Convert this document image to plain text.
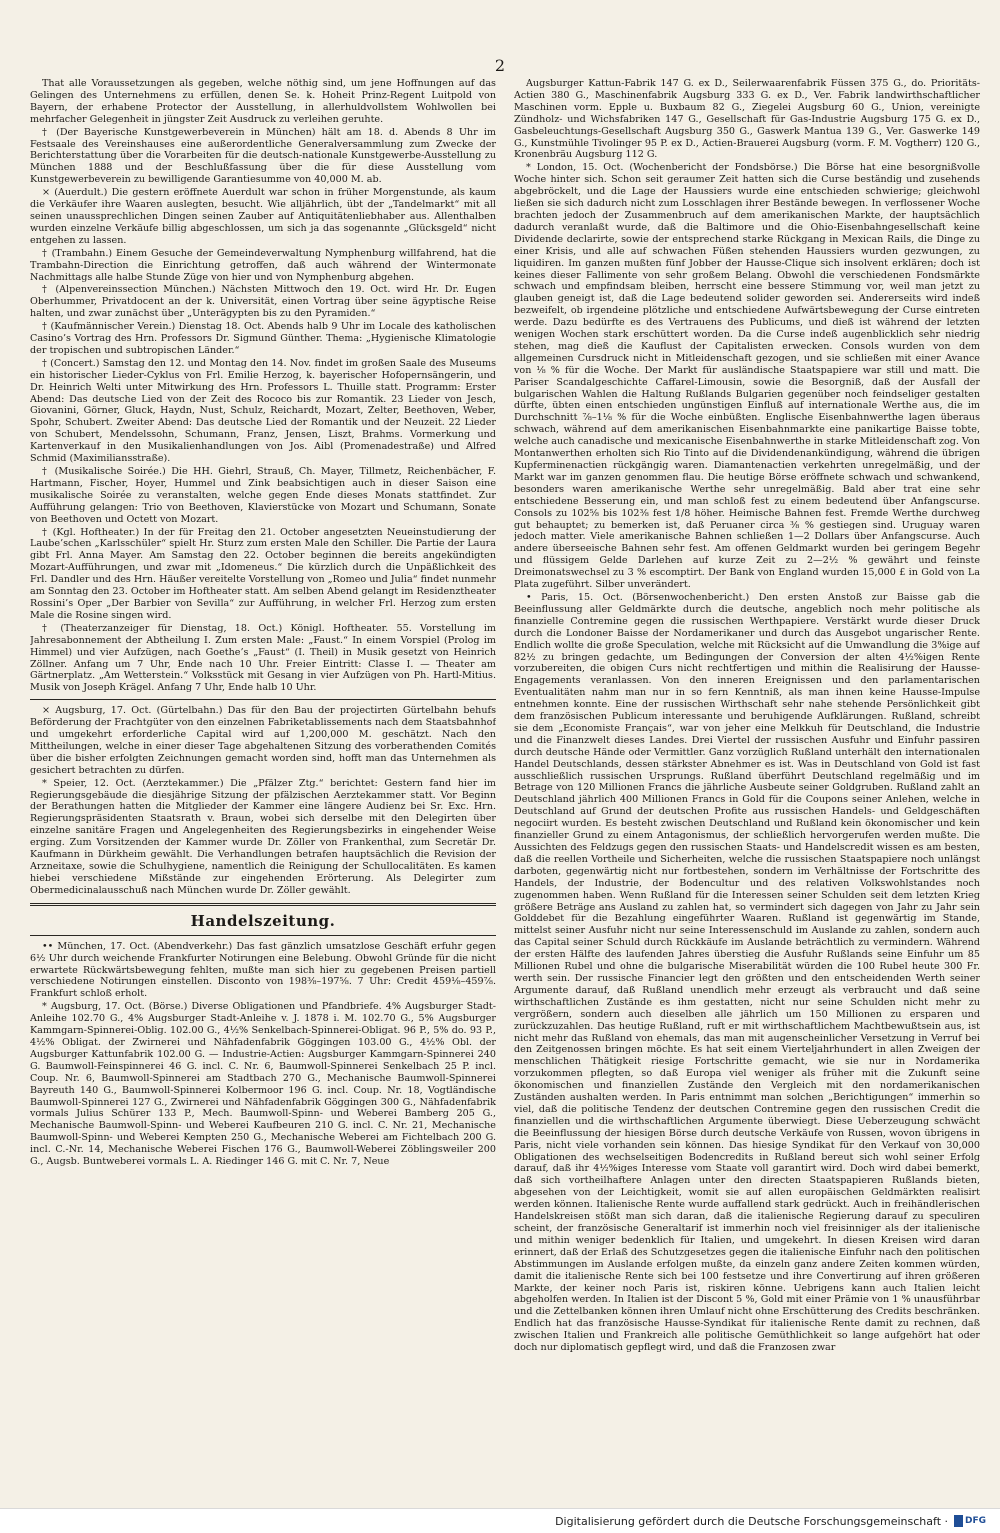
2

That alle Voraussetzungen als gegeben, welche nöthig sind, um jene Hoffnungen auf das Gelingen des Unternehmens zu erfüllen, denen Se. k. Hoheit Prinz-Regent Luitpold von Bayern, der erhabene Protector der Ausstellung, in allerhuldvollstem Wohlwollen bei mehrfacher Gelegenheit in jüngster Zeit Ausdruck zu verleihen geruhte.

† (Der Bayerische Kunstgewerbeverein in München) hält am 18. d. Abends 8 Uhr im Festsaale des Vereinshauses eine außerordentliche Generalversammlung zum Zwecke der Berichterstattung über die Vorarbeiten für die deutsch-nationale Kunstgewerbe-Ausstellung zu München 1888 und der Beschlußfassung über die für diese Ausstellung vom Kunstgewerbeverein zu bewilligende Garantiesumme von 40,000 M. ab.

⨯ (Auerdult.) Die gestern eröffnete Auerdult war schon in früher Morgenstunde, als kaum die Verkäufer ihre Waaren auslegten, besucht. Wie alljährlich, übt der „Tandelmarkt“ mit all seinen unaussprechlichen Dingen seinen Zauber auf Antiquitätenliebhaber aus. Allenthalben wurden einzelne Verkäufe billig abgeschlossen, um sich ja das sogenannte „Glücksgeld“ nicht entgehen zu lassen.

† (Trambahn.) Einem Gesuche der Gemeindeverwaltung Nymphenburg willfahrend, hat die Trambahn-Direction die Einrichtung getroffen, daß auch während der Wintermonate Nachmittags alle halbe Stunde Züge von hier und von Nymphenburg abgehen.

† (Alpenvereinssection München.) Nächsten Mittwoch den 19. Oct. wird Hr. Dr. Eugen Oberhummer, Privatdocent an der k. Universität, einen Vortrag über seine ägyptische Reise halten, und zwar zunächst über „Unterägypten bis zu den Pyramiden.“

† (Kaufmännischer Verein.) Dienstag 18. Oct. Abends halb 9 Uhr im Locale des katholischen Casino’s Vortrag des Hrn. Professors Dr. Sigmund Günther. Thema: „Hygienische Klimatologie der tropischen und subtropischen Länder.“

† (Concert.) Samstag den 12. und Montag den 14. Nov. findet im großen Saale des Museums ein historischer Lieder-Cyklus von Frl. Emilie Herzog, k. bayerischer Hofopernsängerin, und Dr. Heinrich Welti unter Mitwirkung des Hrn. Professors L. Thuille statt. Programm: Erster Abend: Das deutsche Lied von der Zeit des Rococo bis zur Romantik. 23 Lieder von Jesch, Giovanini, Görner, Gluck, Haydn, Nust, Schulz, Reichardt, Mozart, Zelter, Beethoven, Weber, Spohr, Schubert. Zweiter Abend: Das deutsche Lied der Romantik und der Neuzeit. 22 Lieder von Schubert, Mendelssohn, Schumann, Franz, Jensen, Liszt, Brahms. Vormerkung und Kartenverkauf in den Musikalienhandlungen von Jos. Aibl (Promenadestraße) und Alfred Schmid (Maximiliansstraße).

† (Musikalische Soirée.) Die HH. Giehrl, Strauß, Ch. Mayer, Tillmetz, Reichenbächer, F. Hartmann, Fischer, Hoyer, Hummel und Zink beabsichtigen auch in dieser Saison eine musikalische Soirée zu veranstalten, welche gegen Ende dieses Monats stattfindet. Zur Aufführung gelangen: Trio von Beethoven, Klavierstücke von Mozart und Schumann, Sonate von Beethoven und Octett von Mozart.

† (Kgl. Hoftheater.) In der für Freitag den 21. October angesetzten Neueinstudierung der Laube’schen „Karlsschüler“ spielt Hr. Sturz zum ersten Male den Schiller. Die Partie der Laura gibt Frl. Anna Mayer. Am Samstag den 22. October beginnen die bereits angekündigten Mozart-Aufführungen, und zwar mit „Idomeneus.“ Die kürzlich durch die Unpäßlichkeit des Frl. Dandler und des Hrn. Häußer vereitelte Vorstellung von „Romeo und Julia“ findet nunmehr am Sonntag den 23. October im Hoftheater statt. Am selben Abend gelangt im Residenztheater Rossini’s Oper „Der Barbier von Sevilla“ zur Aufführung, in welcher Frl. Herzog zum ersten Male die Rosine singen wird.

† (Theaterzanzeiger für Dienstag, 18. Oct.) Königl. Hoftheater. 55. Vorstellung im Jahresabonnement der Abtheilung I. Zum ersten Male: „Faust.“ In einem Vorspiel (Prolog im Himmel) und vier Aufzügen, nach Goethe’s „Faust“ (I. Theil) in Musik gesetzt von Heinrich Zöllner. Anfang um 7 Uhr, Ende nach 10 Uhr. Freier Eintritt: Classe I. — Theater am Gärtnerplatz. „Am Wetterstein.“ Volksstück mit Gesang in vier Aufzügen von Ph. Hartl-Mitius. Musik von Joseph Krägel. Anfang 7 Uhr, Ende halb 10 Uhr.

⨯ Augsburg, 17. Oct. (Gürtelbahn.) Das für den Bau der projectirten Gürtelbahn behufs Beförderung der Frachtgüter von den einzelnen Fabriketablissements nach dem Staatsbahnhof und umgekehrt erforderliche Capital wird auf 1,200,000 M. geschätzt. Nach den Mittheilungen, welche in einer dieser Tage abgehaltenen Sitzung des vorberathenden Comités über die bisher erfolgten Zeichnungen gemacht worden sind, hofft man das Unternehmen als gesichert betrachten zu dürfen.

* Speier, 12. Oct. (Aerztekammer.) Die „Pfälzer Ztg.“ berichtet: Gestern fand hier im Regierungsgebäude die diesjährige Sitzung der pfälzischen Aerztekammer statt. Vor Beginn der Berathungen hatten die Mitglieder der Kammer eine längere Audienz bei Sr. Exc. Hrn. Regierungspräsidenten Staatsrath v. Braun, wobei sich derselbe mit den Delegirten über einzelne sanitäre Fragen und Angelegenheiten des Regierungsbezirks in eingehender Weise erging. Zum Vorsitzenden der Kammer wurde Dr. Zöller von Frankenthal, zum Secretär Dr. Kaufmann in Dürkheim gewählt. Die Verhandlungen betrafen hauptsächlich die Revision der Arzneitaxe, sowie die Schulhygiene, namentlich die Reinigung der Schullocalitäten. Es kamen hiebei verschiedene Mißstände zur eingehenden Erörterung. Als Delegirter zum Obermedicinalausschuß nach München wurde Dr. Zöller gewählt.

Handelszeitung.

•• München, 17. Oct. (Abendverkehr.) Das fast gänzlich umsatzlose Geschäft erfuhr gegen 6½ Uhr durch weichende Frankfurter Notirungen eine Belebung. Obwohl Gründe für die nicht erwartete Rückwärtsbewegung fehlten, mußte man sich hier zu gegebenen Preisen partiell verschiedene Notirungen einstellen. Disconto von 198⅜–197⅝. 7 Uhr: Credit 459⅛–459⅞. Frankfurt schloß erholt.

* Augsburg, 17. Oct. (Börse.) Diverse Obligationen und Pfandbriefe. 4% Augsburger Stadt-Anleihe 102.70 G., 4% Augsburger Stadt-Anleihe v. J. 1878 i. M. 102.70 G., 5% Augsburger Kammgarn-Spinnerei-Oblig. 102.00 G., 4½% Senkelbach-Spinnerei-Obligat. 96 P., 5% do. 93 P., 4½% Obligat. der Zwirnerei und Nähfadenfabrik Göggingen 103.00 G., 4½% Obl. der Augsburger Kattunfabrik 102.00 G. — Industrie-Actien: Augsburger Kammgarn-Spinnerei 240 G. Baumwoll-Feinspinnerei 46 G. incl. C. Nr. 6, Baumwoll-Spinnerei Senkelbach 25 P. incl. Coup. Nr. 6, Baumwoll-Spinnerei am Stadtbach 270 G., Mechanische Baumwoll-Spinnerei Bayreuth 140 G., Baumwoll-Spinnerei Kolbermoor 196 G. incl. Coup. Nr. 18, Vogtländische Baumwoll-Spinnerei 127 G., Zwirnerei und Nähfadenfabrik Göggingen 300 G., Nähfadenfabrik vormals Julius Schürer 133 P., Mech. Baumwoll-Spinn- und Weberei Bamberg 205 G., Mechanische Baumwoll-Spinn- und Weberei Kaufbeuren 210 G. incl. C. Nr. 21, Mechanische Baumwoll-Spinn- und Weberei Kempten 250 G., Mechanische Weberei am Fichtelbach 200 G. incl. C.-Nr. 14, Mechanische Weberei Fischen 176 G., Baumwoll-Weberei Zöblingsweiler 200 G., Augsb. Buntweberei vormals L. A. Riedinger 146 G. mit C. Nr. 7, Neue

Augsburger Kattun-Fabrik 147 G. ex D., Seilerwaarenfabrik Füssen 375 G., do. Prioritäts-Actien 380 G., Maschinenfabrik Augsburg 333 G. ex D., Ver. Fabrik landwirthschaftlicher Maschinen vorm. Epple u. Buxbaum 82 G., Ziegelei Augsburg 60 G., Union, vereinigte Zündholz- und Wichsfabriken 147 G., Gesellschaft für Gas-Industrie Augsburg 175 G. ex D., Gasbeleuchtungs-Gesellschaft Augsburg 350 G., Gaswerk Mantua 139 G., Ver. Gaswerke 149 G., Kunstmühle Tivolinger 95 P. ex D., Actien-Brauerei Augsburg (vorm. F. M. Vogtherr) 120 G., Kronenbräu Augsburg 112 G.

* London, 15. Oct. (Wochenbericht der Fondsbörse.) Die Börse hat eine besorgnißvolle Woche hinter sich. Schon seit geraumer Zeit hatten sich die Curse beständig und zusehends abgebröckelt, und die Lage der Haussiers wurde eine entschieden schwierige; gleichwohl ließen sie sich dadurch nicht zum Losschlagen ihrer Bestände bewegen. In verflossener Woche brachten jedoch der Zusammenbruch auf dem amerikanischen Markte, der hauptsächlich dadurch veranlaßt wurde, daß die Baltimore und die Ohio-Eisenbahngesellschaft keine Dividende declarirte, sowie der entsprechend starke Rückgang in Mexican Rails, die Dinge zu einer Krisis, und alle auf schwachen Füßen stehenden Haussiers wurden gezwungen, zu liquidiren. Im ganzen mußten fünf Jobber der Hausse-Clique sich insolvent erklären; doch ist keines dieser Fallimente von sehr großem Belang. Obwohl die verschiedenen Fondsmärkte schwach und empfindsam bleiben, herrscht eine bessere Stimmung vor, weil man jetzt zu glauben geneigt ist, daß die Lage bedeutend solider geworden sei. Andererseits wird indeß bezweifelt, ob irgendeine plötzliche und entschiedene Aufwärtsbewegung der Curse eintreten werde. Dazu bedürfte es des Vertrauens des Publicums, und dieß ist während der letzten wenigen Wochen stark erschüttert worden. Da die Curse indeß augenblicklich sehr niedrig stehen, mag dieß die Kauflust der Capitalisten erwecken. Consols wurden von dem allgemeinen Cursdruck nicht in Mitleidenschaft gezogen, und sie schließen mit einer Avance von ⅛ % für die Woche. Der Markt für ausländische Staatspapiere war still und matt. Die Pariser Scandalgeschichte Caffarel-Limousin, sowie die Besorgniß, daß der Ausfall der bulgarischen Wahlen die Haltung Rußlands Bulgarien gegenüber noch feindseliger gestalten dürfte, übten einen entschieden ungünstigen Einfluß auf internationale Werthe aus, die im Durchschnitt ⅞–1⅛ % für die Woche einbüßten. Englische Eisenbahnwerthe lagen überaus schwach, während auf dem amerikanischen Eisenbahnmarkte eine panikartige Baisse tobte, welche auch canadische und mexicanische Eisenbahnwerthe in starke Mitleidenschaft zog. Von Montanwerthen erholten sich Rio Tinto auf die Dividendenankündigung, während die übrigen Kupferminenactien rückgängig waren. Diamantenactien verkehrten unregelmäßig, und der Markt war im ganzen genommen flau. Die heutige Börse eröffnete schwach und schwankend, besonders waren amerikanische Werthe sehr unregelmäßig. Bald aber trat eine sehr entschiedene Besserung ein, und man schloß fest zu einem bedeutend über Anfangscurse. Consols zu 102⅝ bis 102⅜ fest 1/8 höher. Heimische Bahnen fest. Fremde Werthe durchweg gut behauptet; zu bemerken ist, daß Peruaner circa ⅜ % gestiegen sind. Uruguay waren jedoch matter. Viele amerikanische Bahnen schließen 1—2 Dollars über Anfangscurse. Auch andere überseeische Bahnen sehr fest. Am offenen Geldmarkt wurden bei geringem Begehr und flüssigem Gelde Darlehen auf kurze Zeit zu 2—2½ % gewährt und feinste Dreimonatswechsel zu 3 % escomptirt. Der Bank von England wurden 15,000 £ in Gold von La Plata zugeführt. Silber unverändert.

• Paris, 15. Oct. (Börsenwochenbericht.) Den ersten Anstoß zur Baisse gab die Beeinflussung aller Geldmärkte durch die deutsche, angeblich noch mehr politische als finanzielle Contremine gegen die russischen Werthpapiere. Verstärkt wurde dieser Druck durch die Londoner Baisse der Nordamerikaner und durch das Ausgebot ungarischer Rente. Endlich wollte die große Speculation, welche mit Rücksicht auf die Umwandlung die 3%ige auf 82½ zu bringen gedachte, um Bedingungen der Conversion der alten 4½%igen Rente vorzubereiten, die obigen Curs nicht rechtfertigen und mithin die Realisirung der Hausse-Engagements veranlassen. Von den inneren Ereignissen und den parlamentarischen Eventualitäten nahm man nur in so fern Kenntniß, als man ihnen keine Hausse-Impulse entnehmen konnte. Eine der russischen Wirthschaft sehr nahe stehende Persönlichkeit gibt dem französischen Publicum interessante und beruhigende Aufklärungen. Rußland, schreibt sie dem „Economiste Français“, war von jeher eine Melkkuh für Deutschland, die Industrie und die Finanzwelt dieses Landes. Drei Viertel der russischen Ausfuhr und Einfuhr passiren durch deutsche Hände oder Vermittler. Ganz vorzüglich Rußland unterhält den internationalen Handel Deutschlands, dessen stärkster Abnehmer es ist. Was in Deutschland von Gold ist fast ausschließlich russischen Ursprungs. Rußland überführt Deutschland regelmäßig und im Betrage von 120 Millionen Francs die jährliche Ausbeute seiner Goldgruben. Rußland zahlt an Deutschland jährlich 400 Millionen Francs in Gold für die Coupons seiner Anlehen, welche in Deutschland auf Grund der deutschen Profite aus russischen Handels- und Geldgeschäften negociirt wurden. Es besteht zwischen Deutschland und Rußland kein ökonomischer und kein finanzieller Grund zu einem Antagonismus, der schließlich hervorgerufen werden mußte. Die Aussichten des Feldzugs gegen den russischen Staats- und Handelscredit wissen es am besten, daß die reellen Vortheile und Sicherheiten, welche die russischen Staatspapiere noch unlängst darboten, gegenwärtig nicht nur fortbestehen, sondern im Verhältnisse der Fortschritte des Handels, der Industrie, der Bodencultur und des relativen Volkswohlstandes noch zugenommen haben. Wenn Rußland für die Interessen seiner Schulden seit dem letzten Krieg größere Beträge ans Ausland zu zahlen hat, so vermindert sich dagegen von Jahr zu Jahr sein Golddebet für die Bezahlung eingeführter Waaren. Rußland ist gegenwärtig im Stande, mittelst seiner Ausfuhr nicht nur seine Interessenschuld im Auslande zu zahlen, sondern auch das Capital seiner Schuld durch Rückkäufe im Auslande beträchtlich zu vermindern. Während der ersten Hälfte des laufenden Jahres überstieg die Ausfuhr Rußlands seine Einfuhr um 85 Millionen Rubel und ohne die bulgarische Miserabilität würden die 100 Rubel heute 300 Fr. werth sein. Der russische Financier legt den größten und den entscheidenden Werth seiner Argumente darauf, daß Rußland unendlich mehr erzeugt als verbraucht und daß seine wirthschaftlichen Zustände es ihm gestatten, nicht nur seine Schulden nicht mehr zu vergrößern, sondern auch dieselben alle jährlich um 150 Millionen zu ersparen und zurückzuzahlen. Das heutige Rußland, ruft er mit wirthschaftlichem Machtbewußtsein aus, ist nicht mehr das Rußland von ehemals, das man mit augenscheinlicher Versetzung in Verruf bei den Zeitgenossen bringen möchte. Es hat seit einem Vierteljahrhundert in allen Zweigen der menschlichen Thätigkeit riesige Fortschritte gemacht, wie sie nur in Nordamerika vorzukommen pflegten, so daß Europa viel weniger als früher mit die Zukunft seine ökonomischen und finanziellen Zustände den Vergleich mit den nordamerikanischen Zuständen aushalten werden. In Paris entnimmt man solchen „Berichtigungen“ immerhin so viel, daß die politische Tendenz der deutschen Contremine gegen den russischen Credit die finanziellen und die wirthschaftlichen Argumente überwiegt. Diese Ueberzeugung schwächt die Beeinflussung der hiesigen Börse durch deutsche Verkäufe von Russen, wovon übrigens in Paris, nicht viele vorhanden sein können. Das hiesige Syndikat für den Verkauf von 30,000 Obligationen des wechselseitigen Bodencredits in Rußland bereut sich wohl seiner Erfolg darauf, daß ihr 4½%iges Interesse vom Staate voll garantirt wird. Doch wird dabei bemerkt, daß sich vortheilhaftere Anlagen unter den directen Staatspapieren Rußlands bieten, abgesehen von der Leichtigkeit, womit sie auf allen europäischen Geldmärkten realisirt werden können. Italienische Rente wurde auffallend stark gedrückt. Auch in freihändlerischen Handelskreisen stößt man sich daran, daß die italienische Regierung darauf zu speculiren scheint, der französische Generaltarif ist immerhin noch viel freisinniger als der italienische und mithin weniger bedenklich für Italien, und umgekehrt. In diesen Kreisen wird daran erinnert, daß der Erlaß des Schutzgesetzes gegen die italienische Einfuhr nach den politischen Abstimmungen im Auslande erfolgen mußte, da einzeln ganz andere Zeiten kommen würden, damit die italienische Rente sich bei 100 festsetze und ihre Convertirung auf ihren größeren Markte, der keiner noch Paris ist, riskiren könne. Uebrigens kann auch Italien leicht abgeholfen werden. In Italien ist der Discont 5 %, Gold mit einer Prämie von 1 % unausführbar und die Zettelbanken können ihren Umlauf nicht ohne Erschütterung des Credits beschränken. Endlich hat das französische Hausse-Syndikat für italienische Rente damit zu rechnen, daß zwischen Italien und Frankreich alle politische Gemüthlichkeit so lange aufgehört hat oder doch nur diplomatisch gepflegt wird, und daß die Franzosen zwar

Digitalisierung gefördert durch die Deutsche Forschungsgemeinschaft · DFG
